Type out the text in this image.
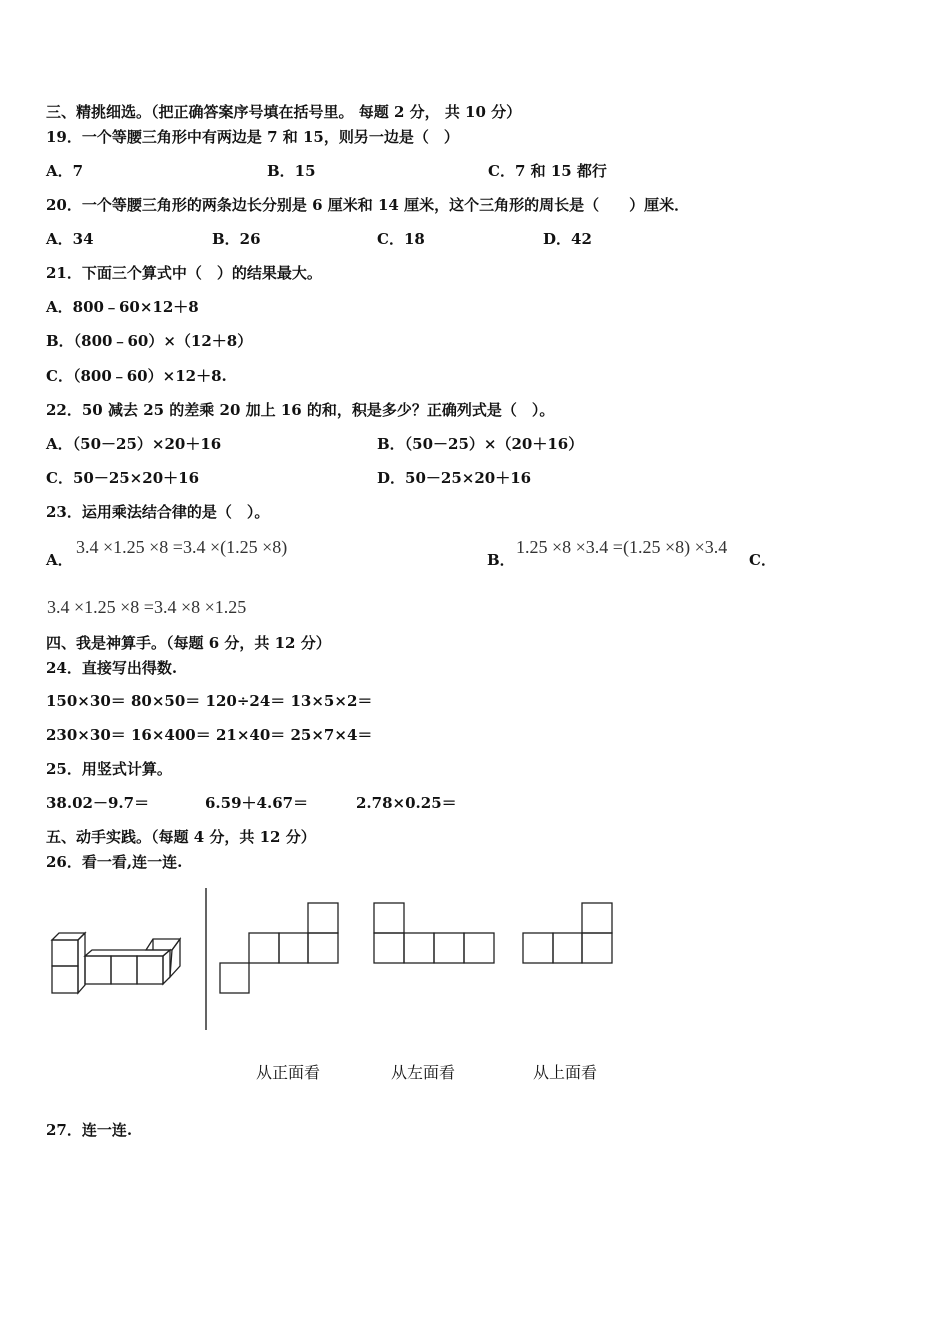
三、精挑细选。（把正确答案序号填在括号里。 每题 2 分， 共 10 分）
19．一个等腰三角形中有两边是 7 和 15，则另一边是（　）
A．7	B．15	C．7 和 15 都行
20．一个等腰三角形的两条边长分别是 6 厘米和 14 厘米，这个三角形的周长是（　　）厘米．
A．34	B．26	C．18	D．42
21．下面三个算式中（　）的结果最大。
A．800﹣60×12＋8
B．（800﹣60）×（12＋8）
C．（800﹣60）×12＋8.
22．50 减去 25 的差乘 20 加上 16 的和，积是多少？正确列式是（　）。
A．（50－25）×20＋16	B．（50－25）×（20＋16）
C．50－25×20＋16	D．50－25×20＋16
23．运用乘法结合律的是（　）。
A．
3.4 ×1.25 ×8 =3.4 ×(1.25 ×8)
B．
1.25 ×8 ×3.4 =(1.25 ×8) ×3.4
C．
3.4 ×1.25 ×8 =3.4 ×8 ×1.25
四、我是神算手。（每题 6 分，共 12 分）
24．直接写出得数.
150×30＝ 80×50＝ 120÷24＝ 13×5×2＝
230×30＝ 16×400＝ 21×40＝ 25×7×4＝
25．用竖式计算。
38.02－9.7＝	6.59＋4.67＝	2.78×0.25＝
五、动手实践。（每题 4 分，共 12 分）
26．看一看,连一连.
从正面看	从左面看	从上面看
27．连一连.
